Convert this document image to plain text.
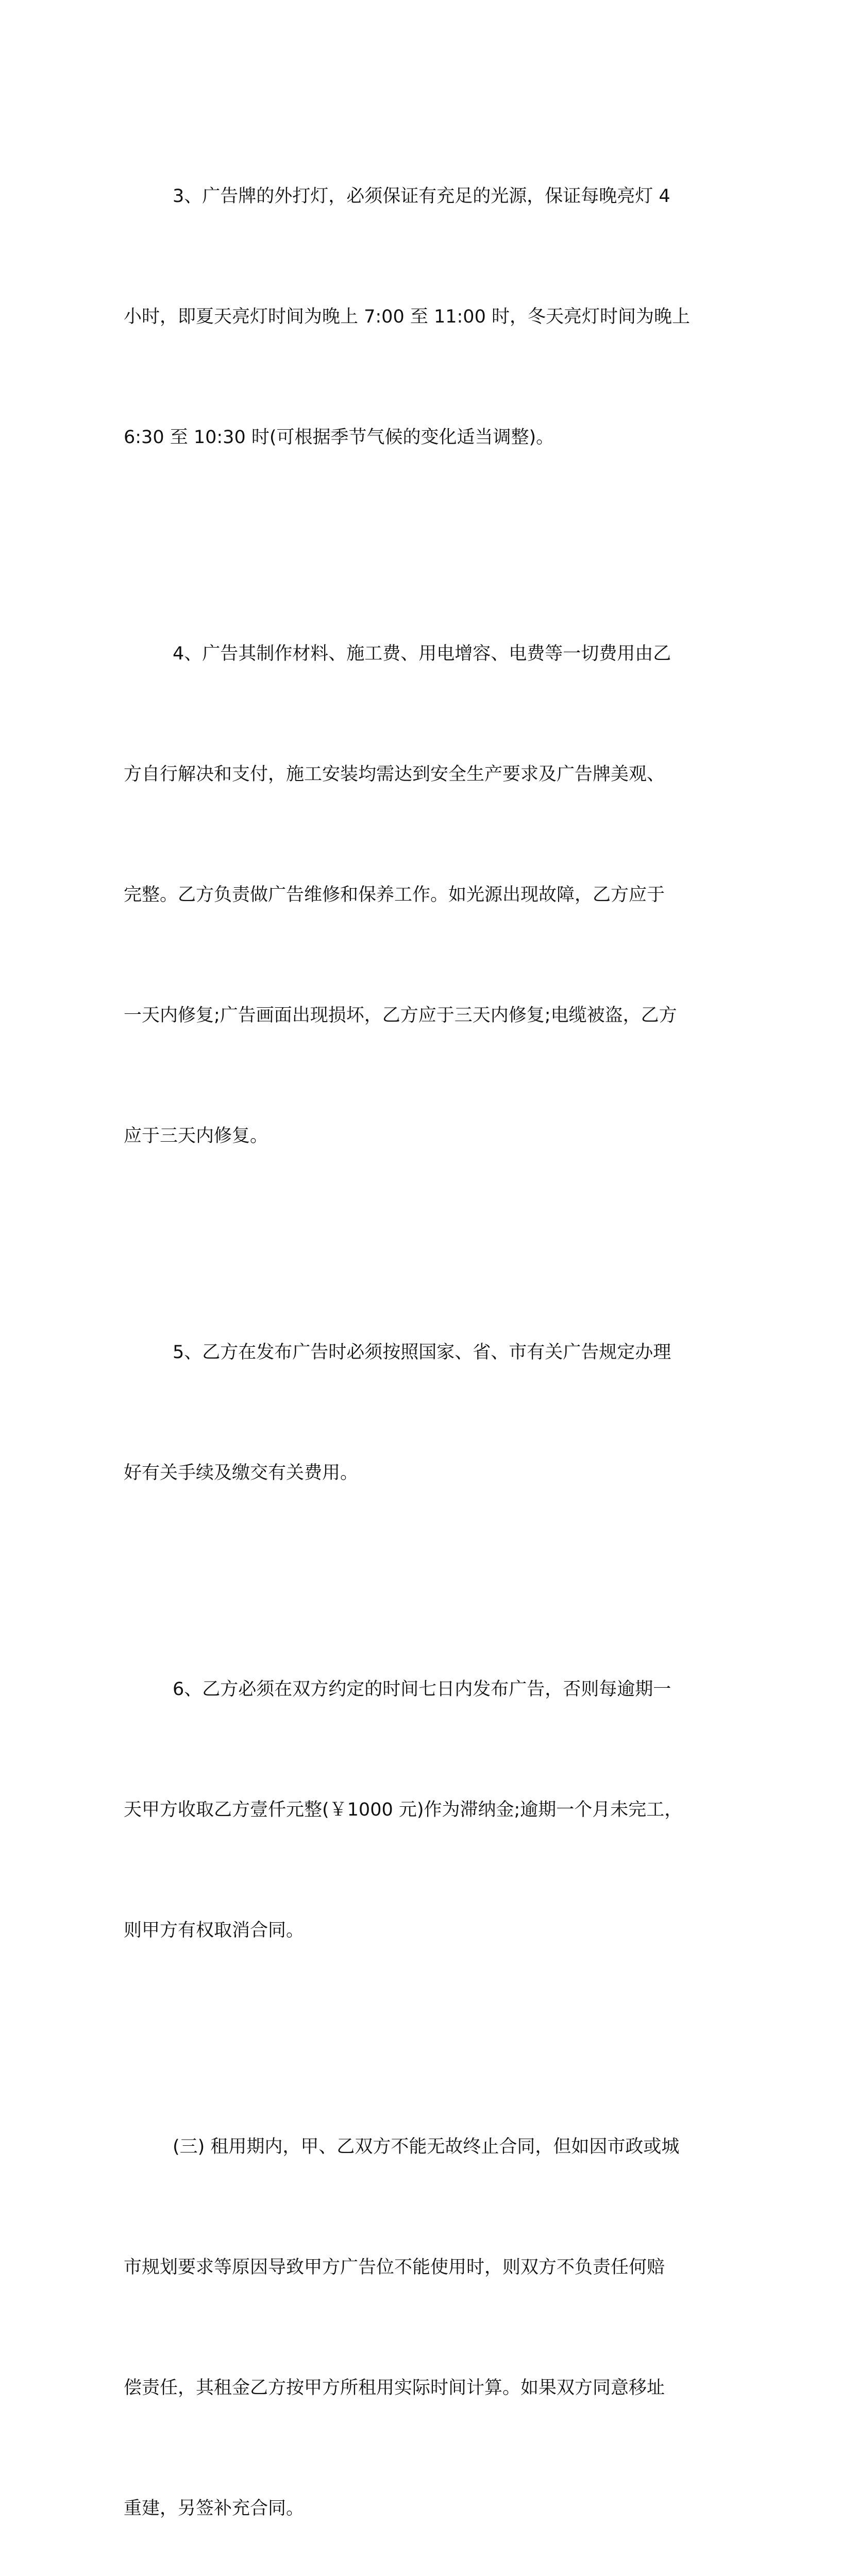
3、广告牌的外打灯，必须保证有充足的光源，保证每晚亮灯 4

小时，即夏天亮灯时间为晚上 7:00 至 11:00 时，冬天亮灯时间为晚上

6:30 至 10:30 时(可根据季节气候的变化适当调整)。

4、广告其制作材料、施工费、用电增容、电费等一切费用由乙

方自行解决和支付，施工安装均需达到安全生产要求及广告牌美观、

完整。乙方负责做广告维修和保养工作。如光源出现故障，乙方应于

一天内修复;广告画面出现损坏，乙方应于三天内修复;电缆被盗，乙方

应于三天内修复。

5、乙方在发布广告时必须按照国家、省、市有关广告规定办理

好有关手续及缴交有关费用。

6、乙方必须在双方约定的时间七日内发布广告，否则每逾期一

天甲方收取乙方壹仟元整(￥1000 元)作为滞纳金;逾期一个月未完工，

则甲方有权取消合同。

(三) 租用期内，甲、乙双方不能无故终止合同，但如因市政或城

市规划要求等原因导致甲方广告位不能使用时，则双方不负责任何赔

偿责任，其租金乙方按甲方所租用实际时间计算。如果双方同意移址

重建，另签补充合同。
